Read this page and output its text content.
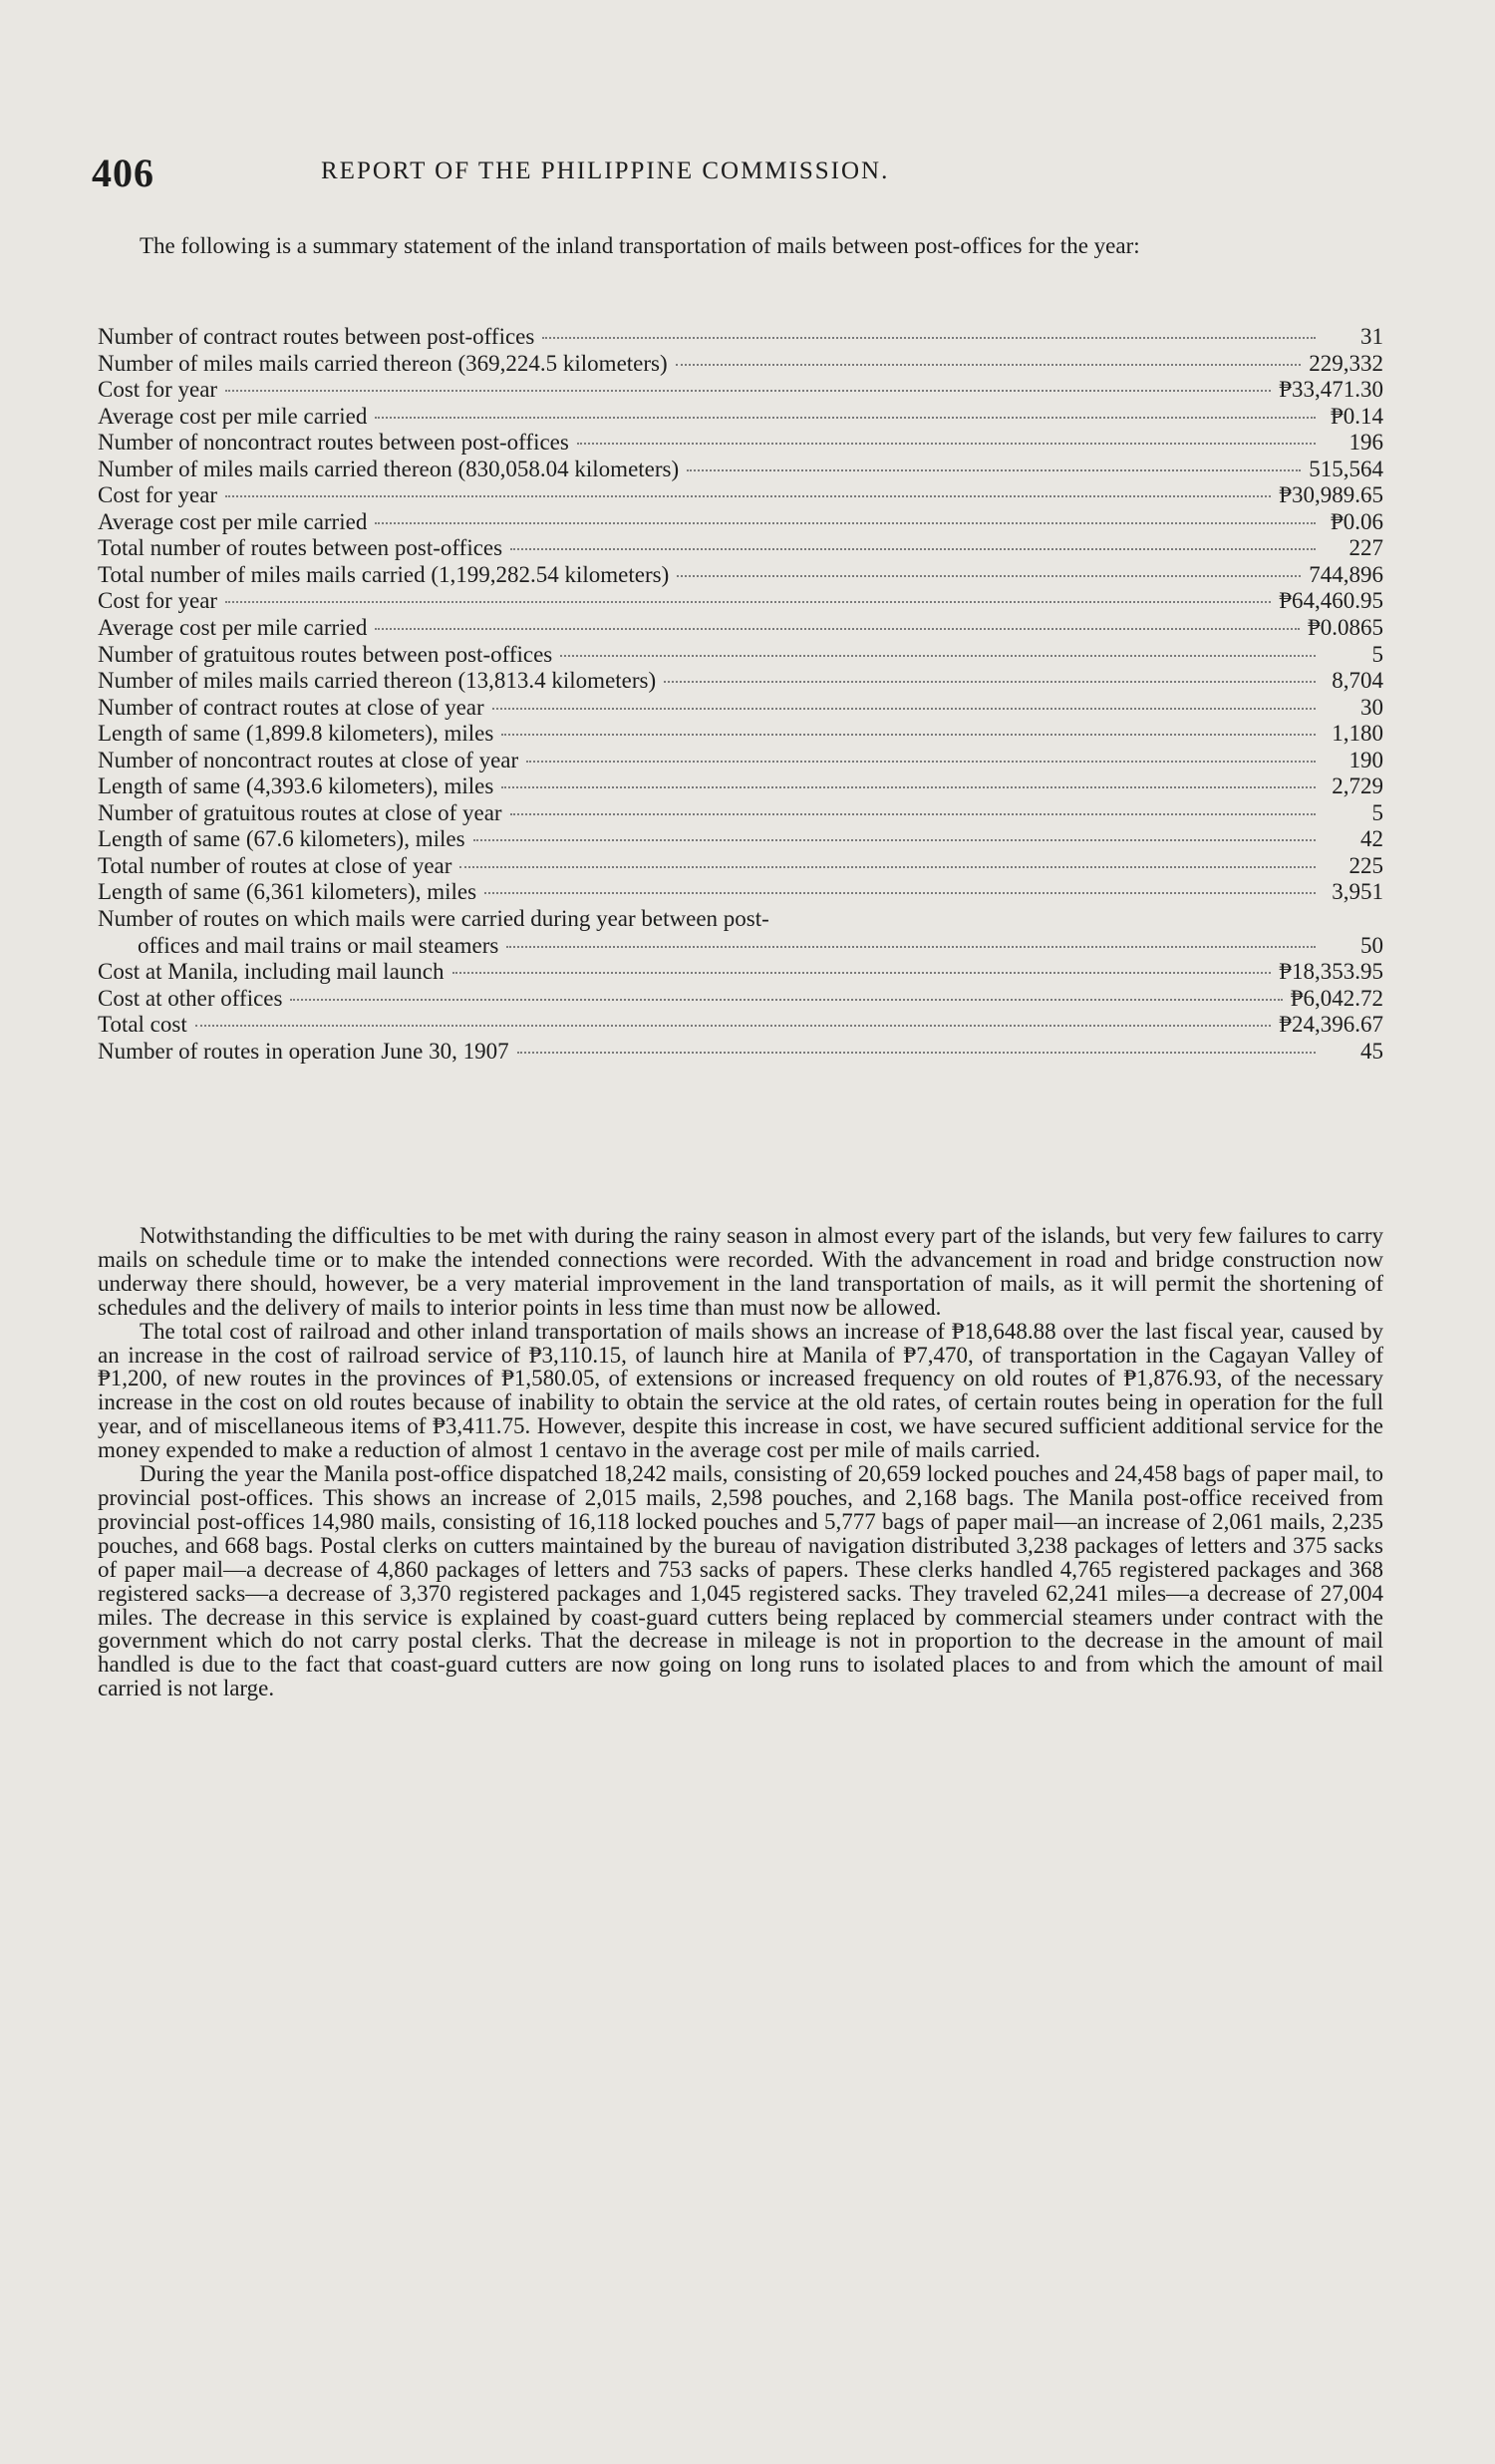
406	REPORT OF THE PHILIPPINE COMMISSION.
The following is a summary statement of the inland transportation of mails between post-offices for the year:
Number of contract routes between post-offices	31
Number of miles mails carried thereon (369,224.5 kilometers)	229,332
Cost for year	₱33,471.30
Average cost per mile carried	₱0.14
Number of noncontract routes between post-offices	196
Number of miles mails carried thereon (830,058.04 kilometers)	515,564
Cost for year	₱30,989.65
Average cost per mile carried	₱0.06
Total number of routes between post-offices	227
Total number of miles mails carried (1,199,282.54 kilometers)	744,896
Cost for year	₱64,460.95
Average cost per mile carried	₱0.0865
Number of gratuitous routes between post-offices	5
Number of miles mails carried thereon (13,813.4 kilometers)	8,704
Number of contract routes at close of year	30
Length of same (1,899.8 kilometers), miles	1,180
Number of noncontract routes at close of year	190
Length of same (4,393.6 kilometers), miles	2,729
Number of gratuitous routes at close of year	5
Length of same (67.6 kilometers), miles	42
Total number of routes at close of year	225
Length of same (6,361 kilometers), miles	3,951
Number of routes on which mails were carried during year between post-
offices and mail trains or mail steamers	50
Cost at Manila, including mail launch	₱18,353.95
Cost at other offices	₱6,042.72
Total cost	₱24,396.67
Number of routes in operation June 30, 1907	45

Notwithstanding the difficulties to be met with during the rainy season in almost every part of the islands, but very few failures to carry mails on schedule time or to make the intended connections were recorded. With the advancement in road and bridge construction now underway there should, however, be a very material improvement in the land transportation of mails, as it will permit the shortening of schedules and the delivery of mails to interior points in less time than must now be allowed.

The total cost of railroad and other inland transportation of mails shows an increase of ₱18,648.88 over the last fiscal year, caused by an increase in the cost of railroad service of ₱3,110.15, of launch hire at Manila of ₱7,470, of transportation in the Cagayan Valley of ₱1,200, of new routes in the provinces of ₱1,580.05, of extensions or increased frequency on old routes of ₱1,876.93, of the necessary increase in the cost on old routes because of inability to obtain the service at the old rates, of certain routes being in operation for the full year, and of miscellaneous items of ₱3,411.75. However, despite this increase in cost, we have secured sufficient additional service for the money expended to make a reduction of almost 1 centavo in the average cost per mile of mails carried.

During the year the Manila post-office dispatched 18,242 mails, consisting of 20,659 locked pouches and 24,458 bags of paper mail, to provincial post-offices. This shows an increase of 2,015 mails, 2,598 pouches, and 2,168 bags. The Manila post-office received from provincial post-offices 14,980 mails, consisting of 16,118 locked pouches and 5,777 bags of paper mail—an increase of 2,061 mails, 2,235 pouches, and 668 bags. Postal clerks on cutters maintained by the bureau of navigation distributed 3,238 packages of letters and 375 sacks of paper mail—a decrease of 4,860 packages of letters and 753 sacks of papers. These clerks handled 4,765 registered packages and 368 registered sacks—a decrease of 3,370 registered packages and 1,045 registered sacks. They traveled 62,241 miles—a decrease of 27,004 miles. The decrease in this service is explained by coast-guard cutters being replaced by commercial steamers under contract with the government which do not carry postal clerks. That the decrease in mileage is not in proportion to the decrease in the amount of mail handled is due to the fact that coast-guard cutters are now going on long runs to isolated places to and from which the amount of mail carried is not large.
